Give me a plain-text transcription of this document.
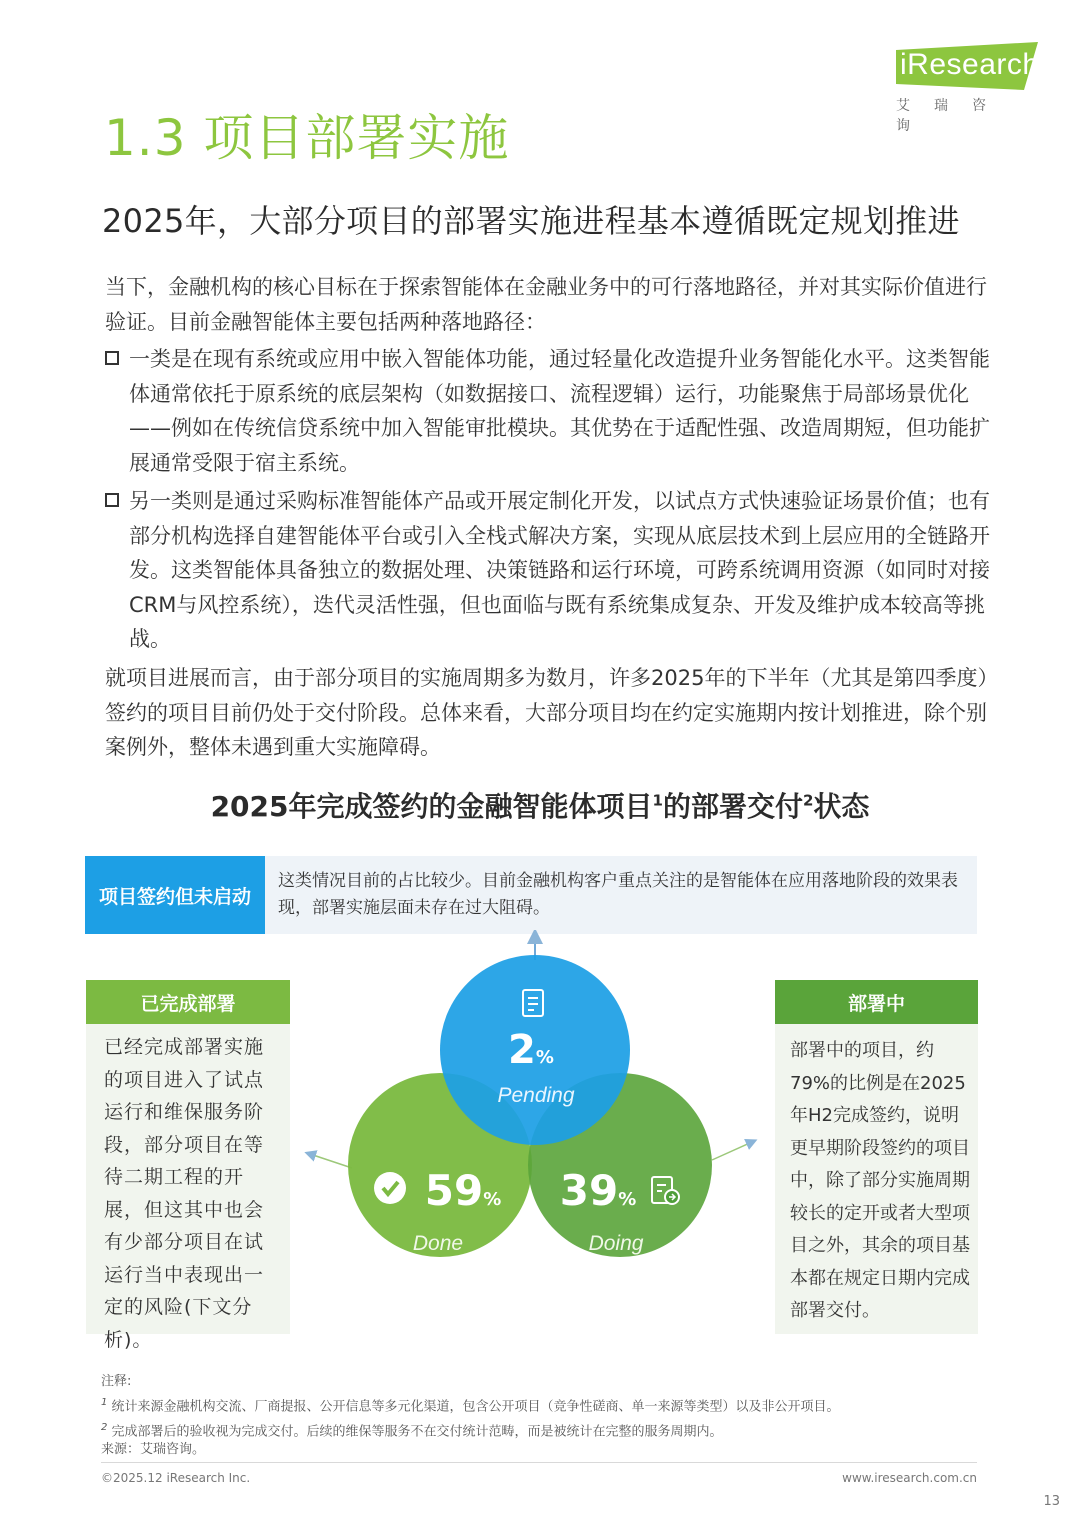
iResearch
艾瑞咨询
1.3 项目部署实施
2025年，大部分项目的部署实施进程基本遵循既定规划推进
当下，金融机构的核心目标在于探索智能体在金融业务中的可行落地路径，并对其实际价值进行验证。目前金融智能体主要包括两种落地路径：
一类是在现有系统或应用中嵌入智能体功能，通过轻量化改造提升业务智能化水平。这类智能体通常依托于原系统的底层架构（如数据接口、流程逻辑）运行，功能聚焦于局部场景优化——例如在传统信贷系统中加入智能审批模块。其优势在于适配性强、改造周期短，但功能扩展通常受限于宿主系统。
另一类则是通过采购标准智能体产品或开展定制化开发，以试点方式快速验证场景价值；也有部分机构选择自建智能体平台或引入全栈式解决方案，实现从底层技术到上层应用的全链路开发。这类智能体具备独立的数据处理、决策链路和运行环境，可跨系统调用资源（如同时对接CRM与风控系统），迭代灵活性强，但也面临与既有系统集成复杂、开发及维护成本较高等挑战。
就项目进展而言，由于部分项目的实施周期多为数月，许多2025年的下半年（尤其是第四季度）签约的项目目前仍处于交付阶段。总体来看，大部分项目均在约定实施期内按计划推进，除个别案例外，整体未遇到重大实施障碍。
2025年完成签约的金融智能体项目$^1$的部署交付$^2$状态
项目签约但未启动
这类情况目前的占比较少。目前金融机构客户重点关注的是智能体在应用落地阶段的效果表现，部署实施层面未存在过大阻碍。
已完成部署
已经完成部署实施的项目进入了试点运行和维保服务阶段，部分项目在等待二期工程的开展，但这其中也会有少部分项目在试运行当中表现出一定的风险(下文分析)。
部署中
部署中的项目，约79%的比例是在2025年H2完成签约，说明更早期阶段签约的项目中，除了部分实施周期较长的定开或者大型项目之外，其余的项目基本都在规定日期内完成部署交付。
2%
Pending
59%
Done
39%
Doing
注释:
$^1$ 统计来源金融机构交流、厂商提报、公开信息等多元化渠道，包含公开项目（竞争性磋商、单一来源等类型）以及非公开项目。
$^2$ 完成部署后的验收视为完成交付。后续的维保等服务不在交付统计范畴，而是被统计在完整的服务周期内。
来源：艾瑞咨询。
©2025.12 iResearch Inc.	www.iresearch.com.cn
13
